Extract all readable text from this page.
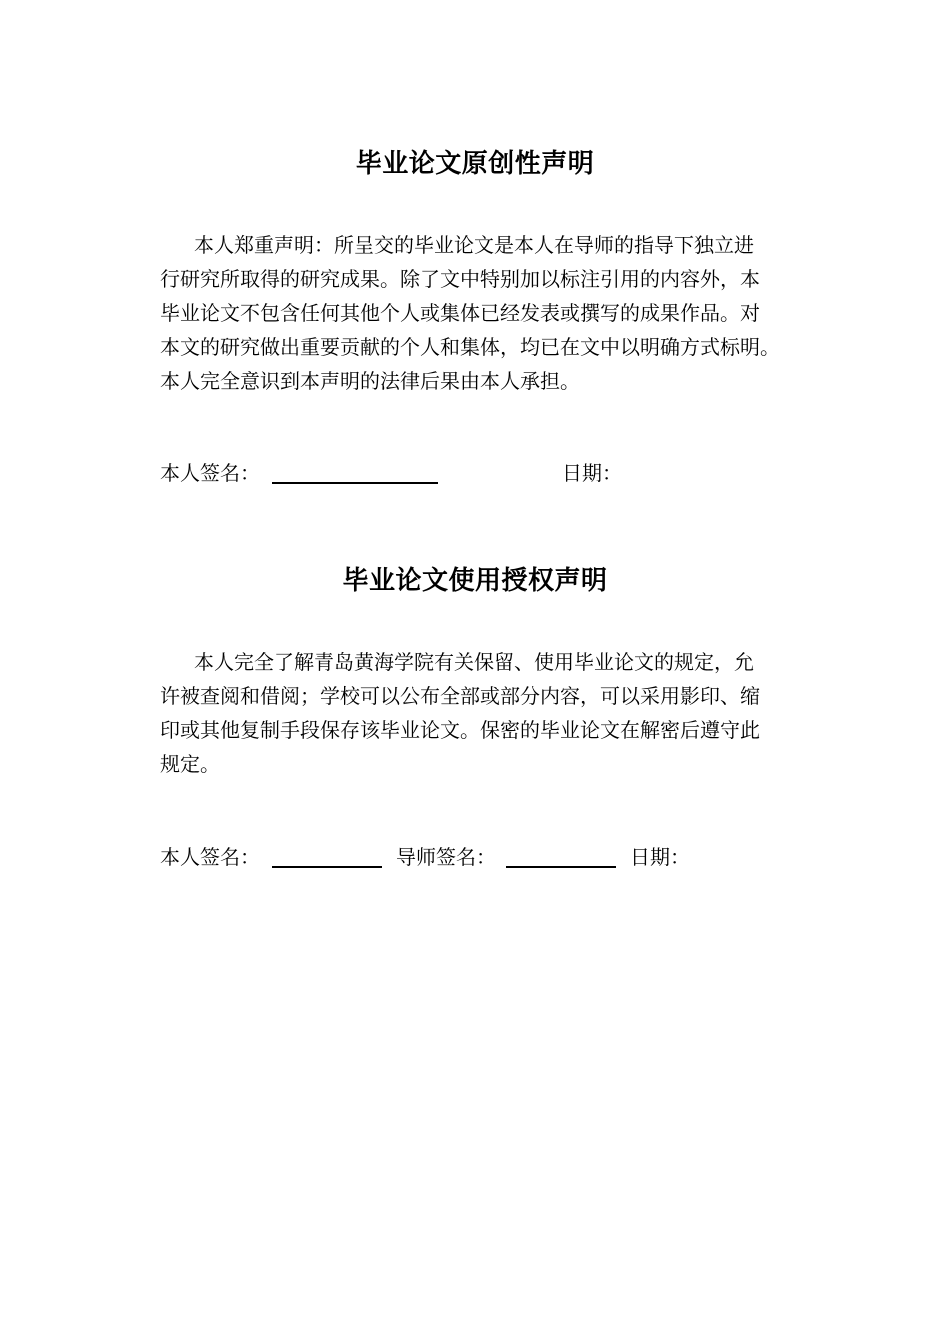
毕业论文原创性声明

本人郑重声明：所呈交的毕业论文是本人在导师的指导下独立进
行研究所取得的研究成果。除了文中特别加以标注引用的内容外，本
毕业论文不包含任何其他个人或集体已经发表或撰写的成果作品。对
本文的研究做出重要贡献的个人和集体，均已在文中以明确方式标明。
本人完全意识到本声明的法律后果由本人承担。

本人签名：	日期：
毕业论文使用授权声明

本人完全了解青岛黄海学院有关保留、使用毕业论文的规定，允
许被查阅和借阅；学校可以公布全部或部分内容，可以采用影印、缩
印或其他复制手段保存该毕业论文。保密的毕业论文在解密后遵守此
规定。

本人签名：	导师签名：	日期：
